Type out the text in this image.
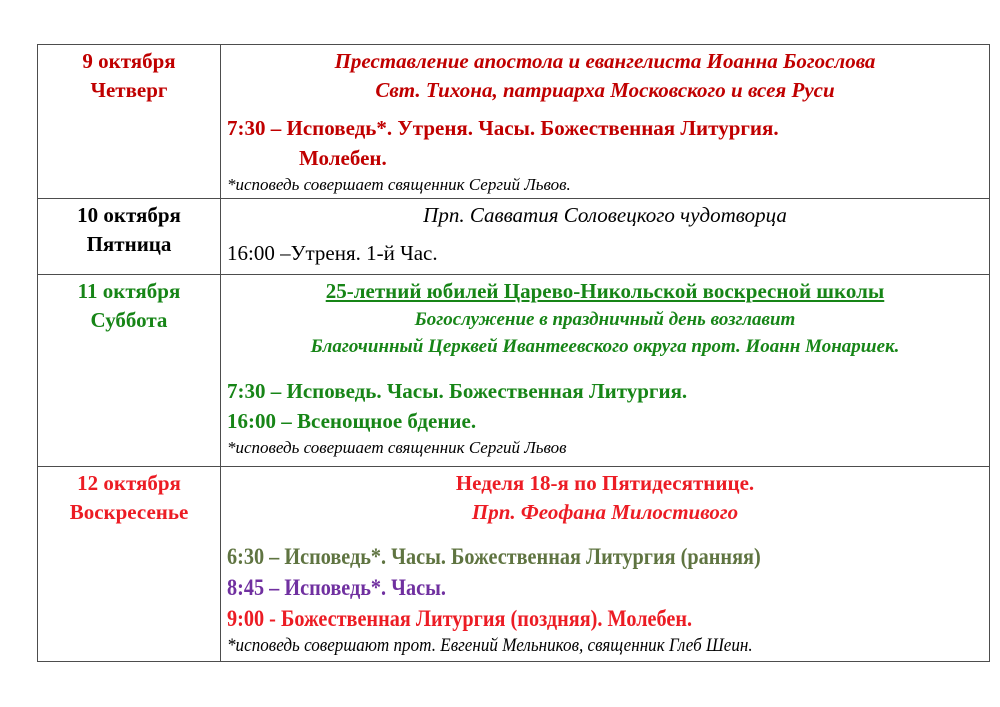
9 октября
Четверг

Преставление апостола и евангелиста Иоанна Богослова
Свт. Тихона, патриарха Московского и всея Руси
7:30 – Исповедь*. Утреня. Часы. Божественная Литургия.
Молебен.
*исповедь совершает священник Сергий Львов.

10 октября
Пятница

Прп. Савватия Соловецкого чудотворца
16:00 –Утреня. 1-й Час.

11 октября
Суббота

25-летний юбилей Царево-Никольской воскресной школы
Богослужение в праздничный день возглавит
Благочинный Церквей Ивантеевского округа прот. Иоанн Монаршек.
7:30 – Исповедь. Часы. Божественная Литургия.
16:00 – Всенощное бдение.
*исповедь совершает священник Сергий Львов

12 октября
Воскресенье

Неделя 18-я по Пятидесятнице.
Прп. Феофана Милостивого
6:30 – Исповедь*. Часы. Божественная Литургия (ранняя)
8:45 – Исповедь*. Часы.
9:00 - Божественная Литургия (поздняя). Молебен.
*исповедь совершают прот. Евгений Мельников, священник Глеб Шеин.
